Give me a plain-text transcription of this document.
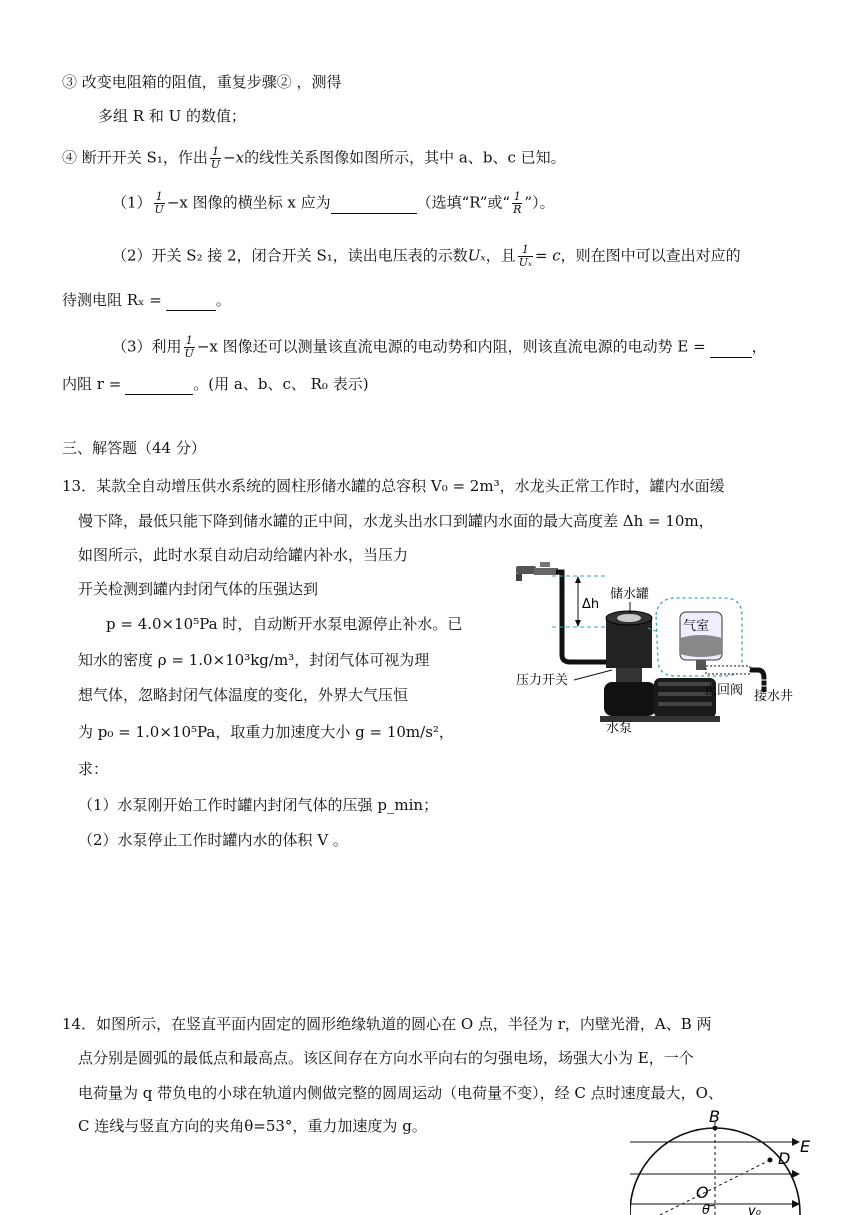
③ 改变电阻箱的阻值，重复步骤② ，测得
多组 R 和 U 的数值；
④ 断开开关 S₁，作出 $\frac{1}{U} -x$的线性关系图像如图所示，其中 a、b、c 已知。
$(1) \frac{1}{U} -x$ 图像的横坐标 x 应为	（选填“R”或“ $\frac{1}{R}$ ”）。
（2）开关 S₂ 接 2，闭合开关 S₁，读出电压表的示数Uₓ，且 $\frac{1}{\text{Uₓ}} = c$，则在图中可以查出对应的
待测电阻 Rₓ =	。
（3）利用 $\frac{1}{U} -x$ 图像还可以测量该直流电源的电动势和内阻，则该直流电源的电动势 E =	，
内阻 r =	。(用 a、b、c、 R₀ 表示)
三、解答题（44 分）
13．某款全自动增压供水系统的圆柱形储水罐的总容积 V₀ = 2m³，水龙头正常工作时，罐内水面缓
慢下降，最低只能下降到储水罐的正中间，水龙头出水口到罐内水面的最大高度差 Δh = 10m，
如图所示，此时水泵自动启动给罐内补水，当压力
开关检测到罐内封闭气体的压强达到
p = 4.0×10⁵Pa 时，自动断开水泵电源停止补水。已
知水的密度 ρ = 1.0×10³kg/m³，封闭气体可视为理
想气体，忽略封闭气体温度的变化，外界大气压恒
为 p₀ = 1.0×10⁵Pa，取重力加速度大小 g = 10m/s²，
求：
（1）水泵刚开始工作时罐内封闭气体的压强 p_min；
（2）水泵停止工作时罐内水的体积 V 。
Δh
储水罐
气室
压力开关
止回阀 接水井
水泵
14．如图所示，在竖直平面内固定的圆形绝缘轨道的圆心在 O 点，半径为 r，内壁光滑，A、B 两
点分别是圆弧的最低点和最高点。该区间存在方向水平向右的匀强电场，场强大小为 E，一个
电荷量为 q 带负电的小球在轨道内侧做完整的圆周运动（电荷量不变），经 C 点时速度最大，O、
C 连线与竖直方向的夹角θ=53°，重力加速度为 g。	B
E
D
O
θ	v₀
